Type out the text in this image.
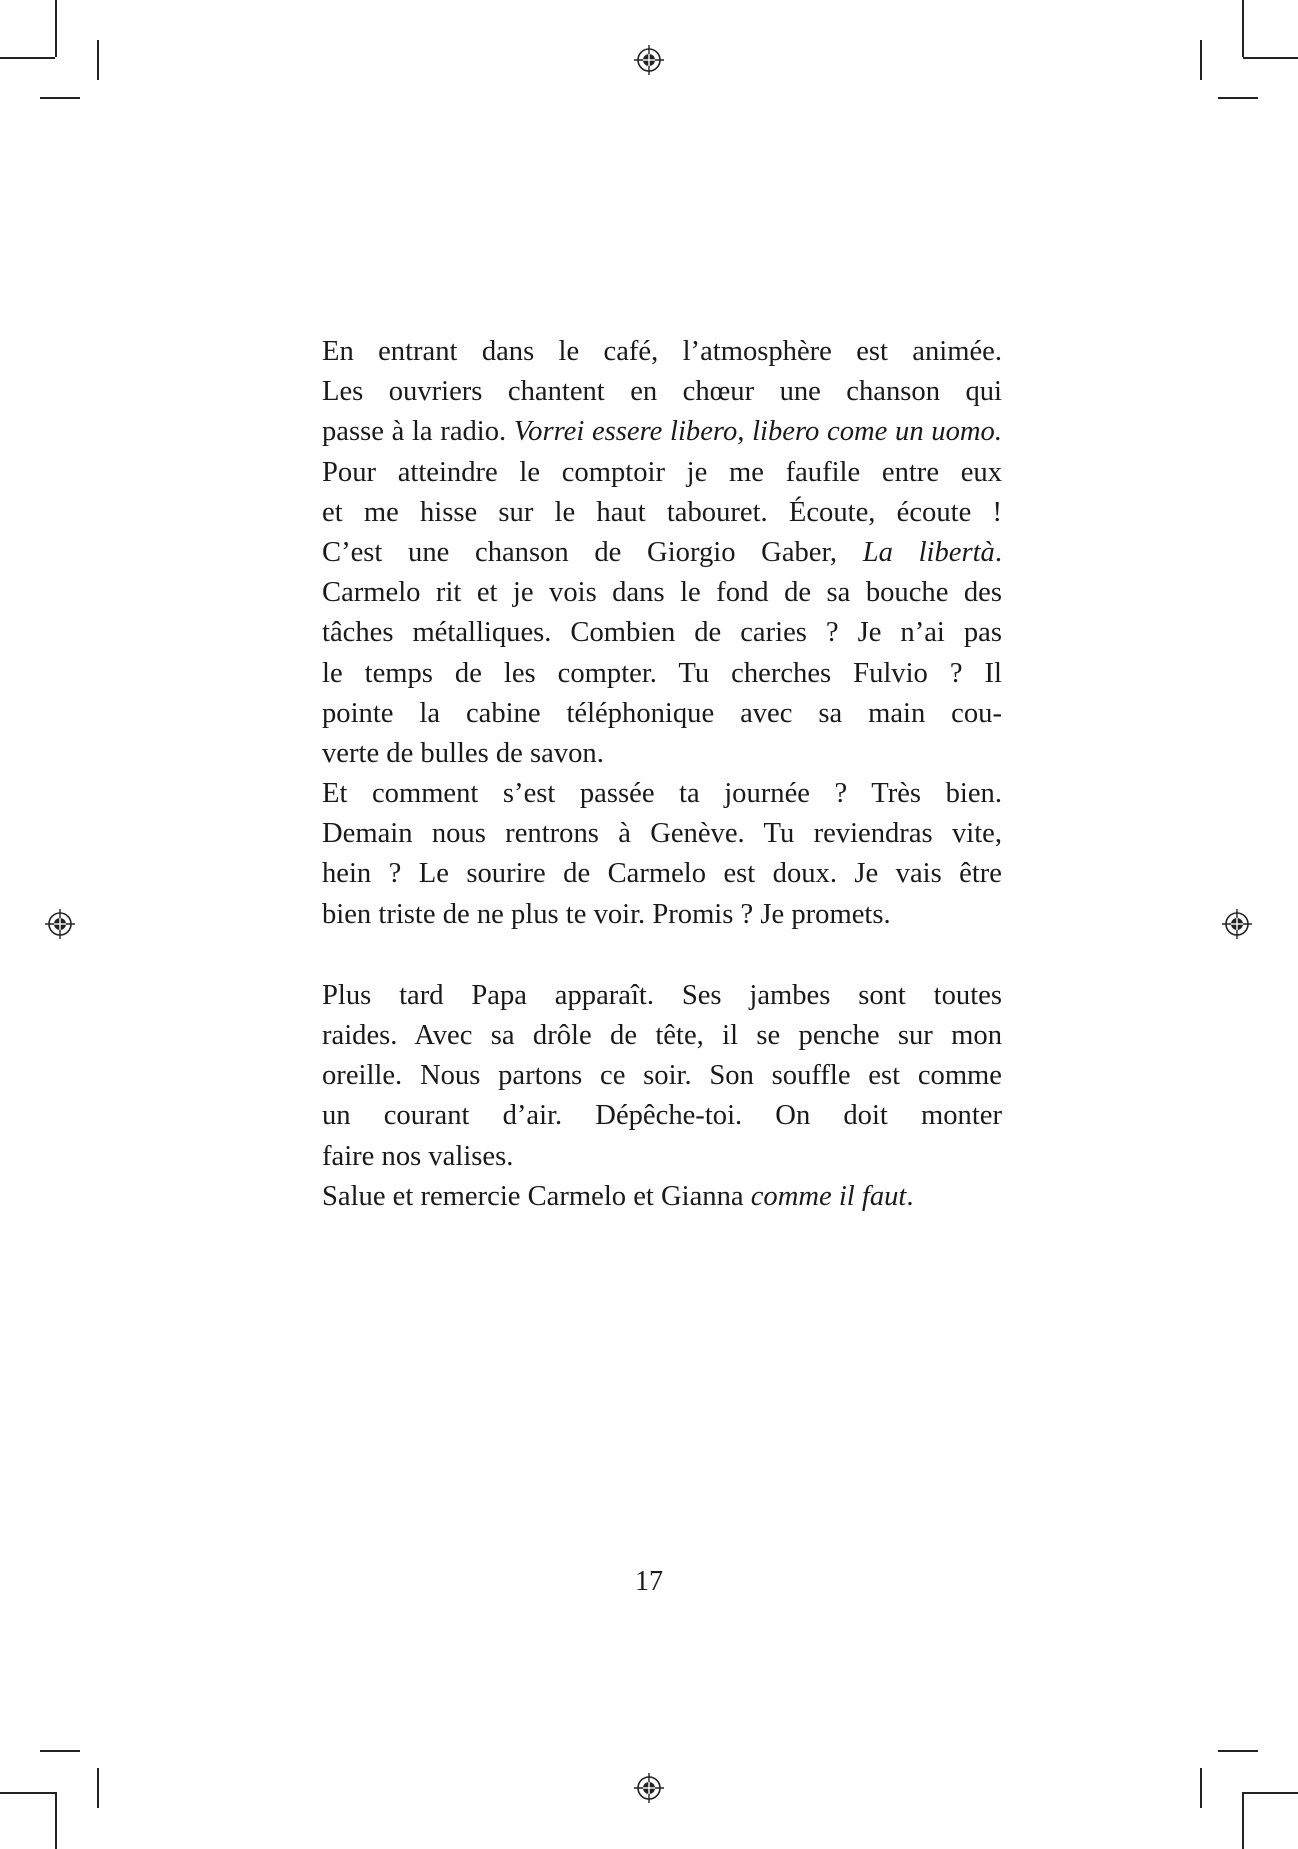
En entrant dans le café, l’atmosphère est animée.
Les ouvriers chantent en chœur une chanson qui
passe à la radio. Vorrei essere libero, libero come un uomo.
Pour atteindre le comptoir je me faufile entre eux
et me hisse sur le haut tabouret. Écoute, écoute !
C’est une chanson de Giorgio Gaber, La libertà.
Carmelo rit et je vois dans le fond de sa bouche des
tâches métalliques. Combien de caries ? Je n’ai pas
le temps de les compter. Tu cherches Fulvio ? Il
pointe la cabine téléphonique avec sa main cou-
verte de bulles de savon.
Et comment s’est passée ta journée ? Très bien.
Demain nous rentrons à Genève. Tu reviendras vite,
hein ? Le sourire de Carmelo est doux. Je vais être
bien triste de ne plus te voir. Promis ? Je promets.
Plus tard Papa apparaît. Ses jambes sont toutes
raides. Avec sa drôle de tête, il se penche sur mon
oreille. Nous partons ce soir. Son souffle est comme
un courant d’air. Dépêche-toi. On doit monter
faire nos valises.
Salue et remercie Carmelo et Gianna comme il faut.
17
